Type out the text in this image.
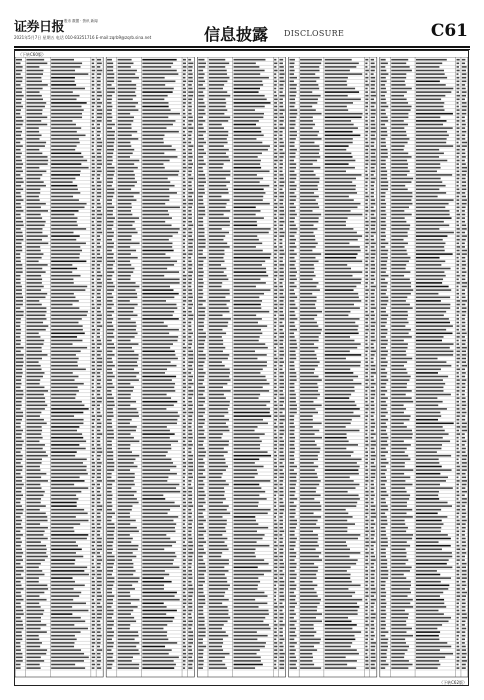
证券日报 股市 数据 · 资讯 新闻
2021年5月7日 星期五 电话 010-83251716 E-mail:zqrb9@zqrb.sina.net	信息披露 DISCLOSURE	C61
（下转C60版）
（下转C62版）
